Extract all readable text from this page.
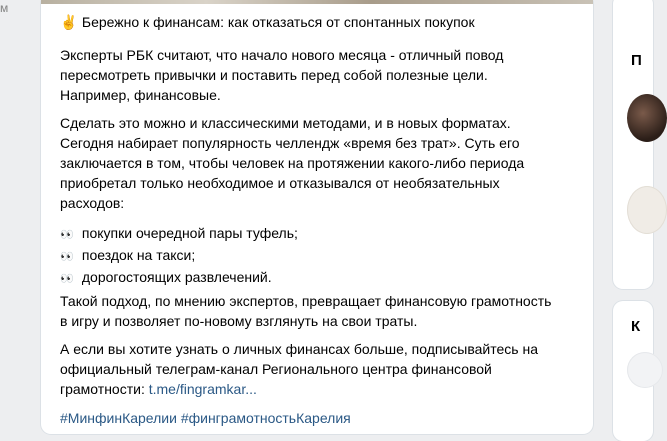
м
✌️ Бережно к финансам: как отказаться от спонтанных покупок
Эксперты РБК считают, что начало нового месяца - отличный повод
пересмотреть привычки и поставить перед собой полезные цели.
Например, финансовые.
Сделать это можно и классическими методами, и в новых форматах.
Сегодня набирает популярность челлендж «время без трат». Суть его
заключается в том, чтобы человек на протяжении какого-либо периода
приобретал только необходимое и отказывался от необязательных
расходов:
👀 покупки очередной пары туфель;
👀 поездок на такси;
👀 дорогостоящих развлечений.
Такой подход, по мнению экспертов, превращает финансовую грамотность
в игру и позволяет по-новому взглянуть на свои траты.
А если вы хотите узнать о личных финансах больше, подписывайтесь на
официальный телеграм-канал Регионального центра финансовой
грамотности: t.me/fingramkar...
#МинфинКарелии #финграмотностьКарелия
П
К
